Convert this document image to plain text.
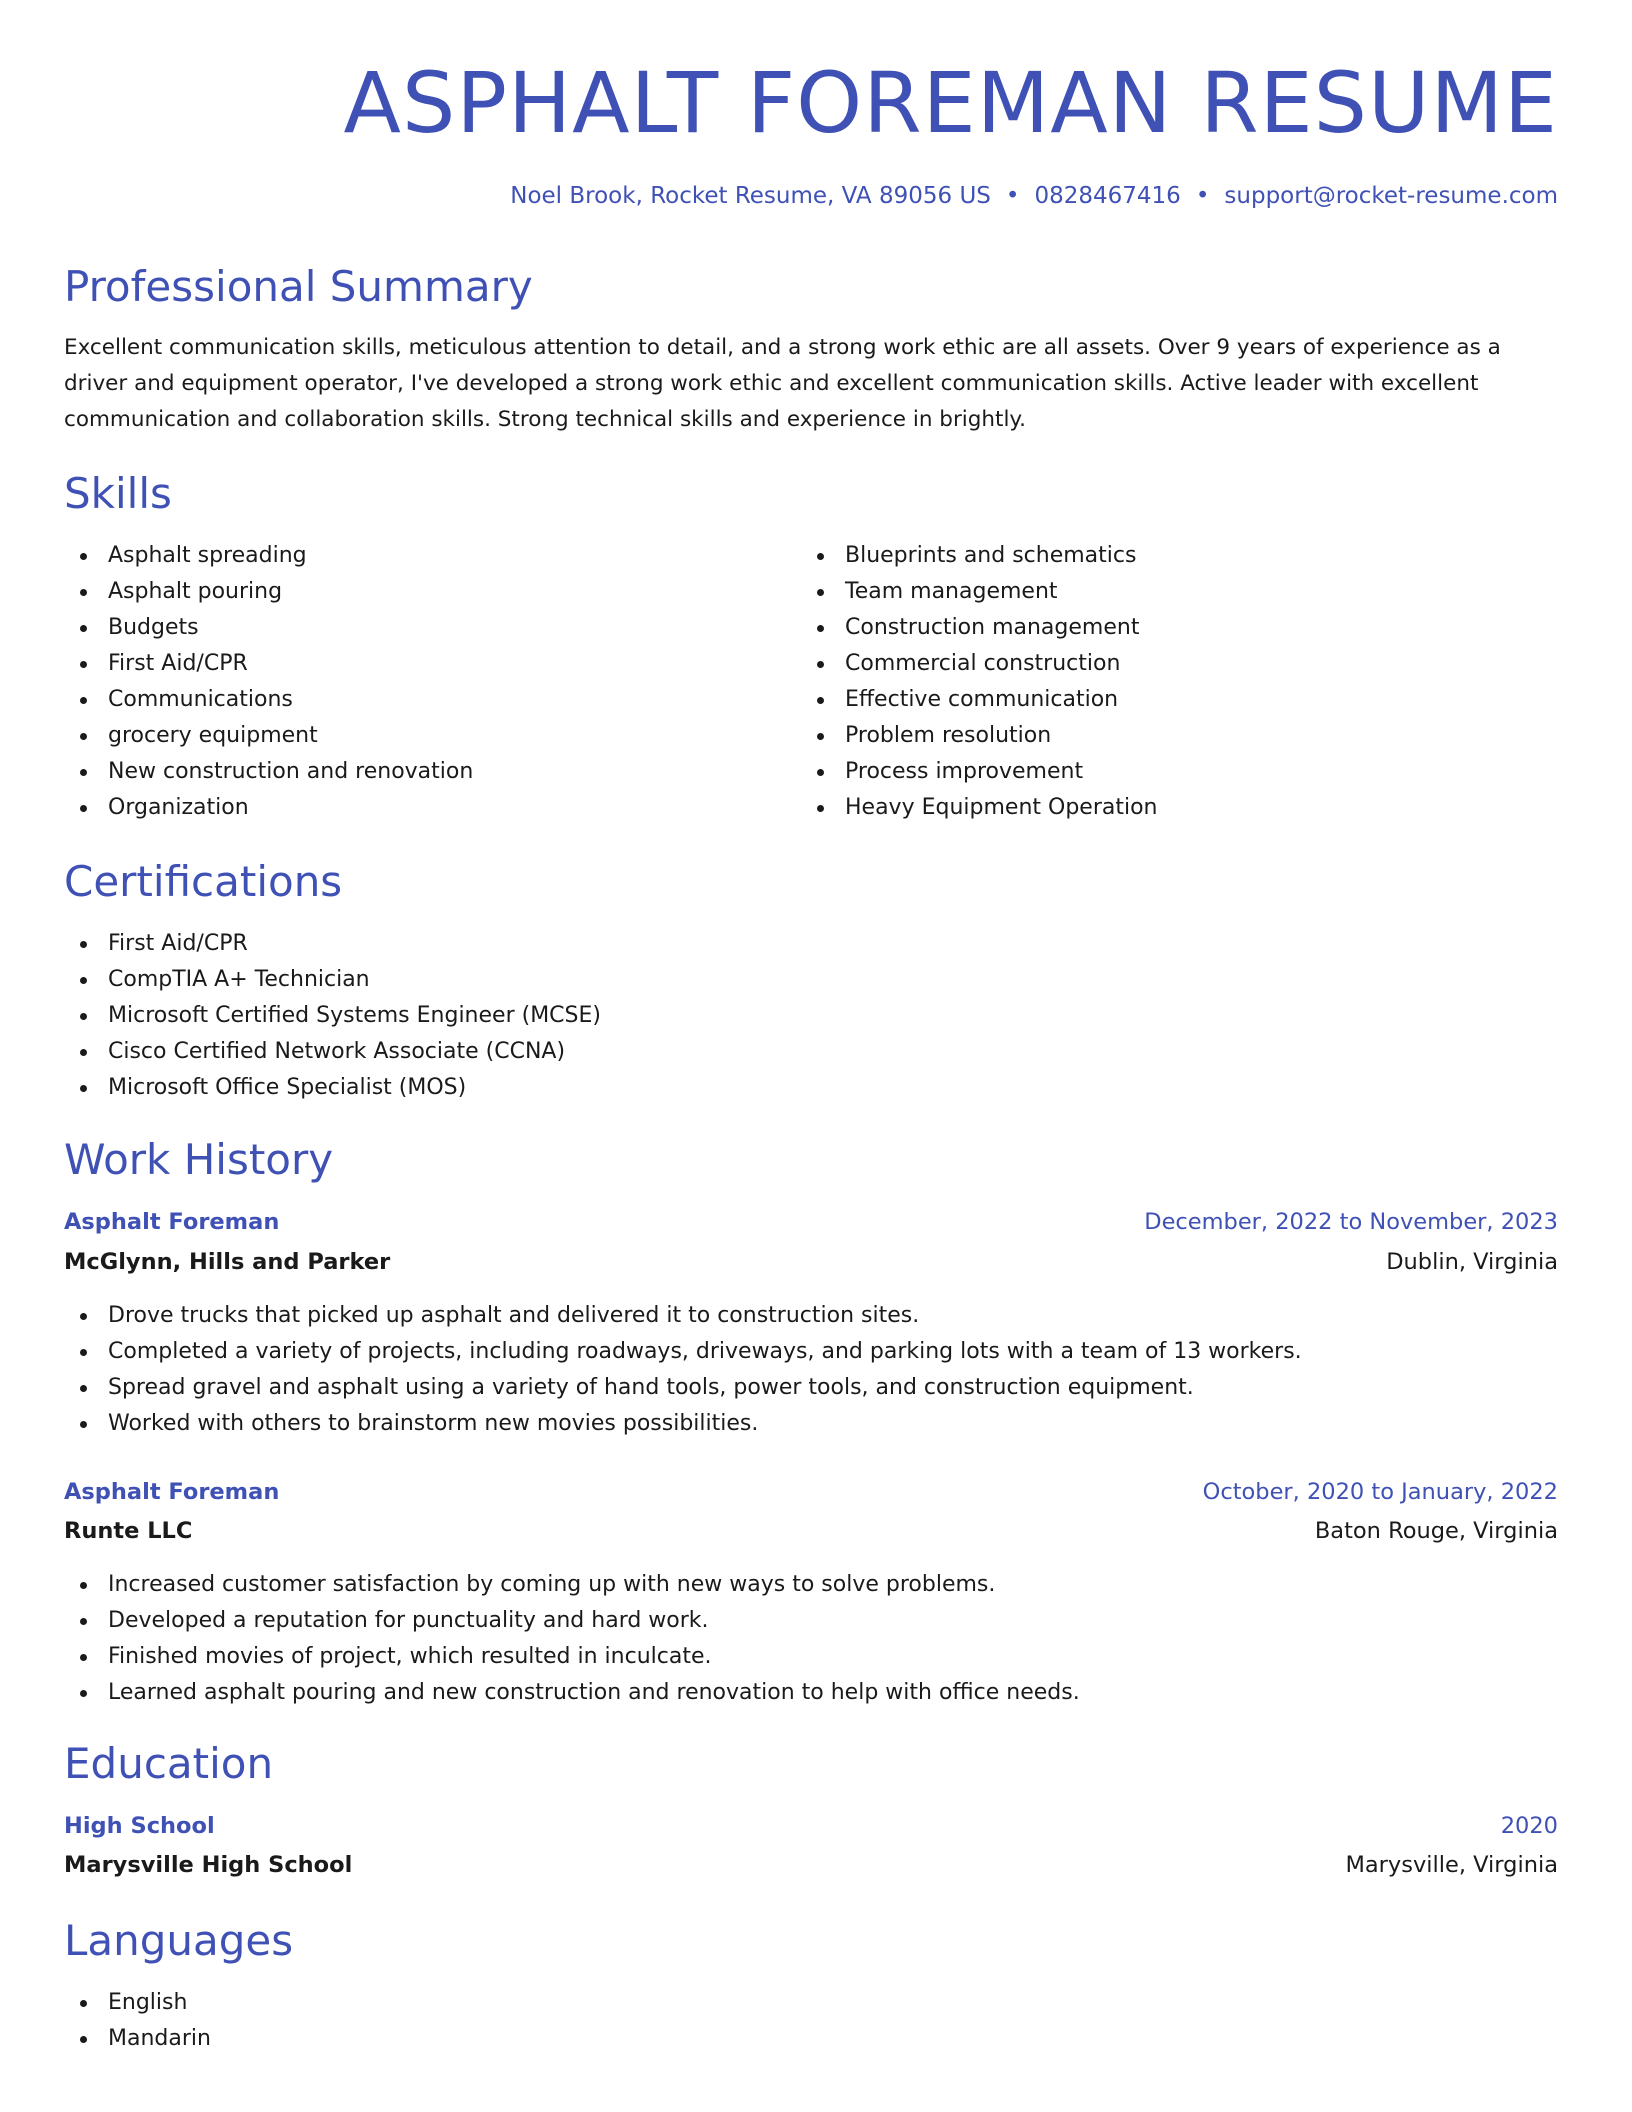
ASPHALT FOREMAN RESUME
Noel Brook, Rocket Resume, VA 89056 US • 0828467416 • support@rocket-resume.com
Professional Summary

Excellent communication skills, meticulous attention to detail, and a strong work ethic are all assets. Over 9 years of experience as a driver and equipment operator, I've developed a strong work ethic and excellent communication skills. Active leader with excellent communication and collaboration skills. Strong technical skills and experience in brightly.

Skills
Asphalt spreading
Asphalt pouring
Budgets
First Aid/CPR
Communications
grocery equipment
New construction and renovation
Organization
Blueprints and schematics
Team management
Construction management
Commercial construction
Effective communication
Problem resolution
Process improvement
Heavy Equipment Operation
Certifications
First Aid/CPR
CompTIA A+ Technician
Microsoft Certified Systems Engineer (MCSE)
Cisco Certified Network Associate (CCNA)
Microsoft Office Specialist (MOS)
Work History
Asphalt Foreman	December, 2022 to November, 2023
McGlynn, Hills and Parker	Dublin, Virginia
Drove trucks that picked up asphalt and delivered it to construction sites.
Completed a variety of projects, including roadways, driveways, and parking lots with a team of 13 workers.
Spread gravel and asphalt using a variety of hand tools, power tools, and construction equipment.
Worked with others to brainstorm new movies possibilities.
Asphalt Foreman	October, 2020 to January, 2022
Runte LLC	Baton Rouge, Virginia
Increased customer satisfaction by coming up with new ways to solve problems.
Developed a reputation for punctuality and hard work.
Finished movies of project, which resulted in inculcate.
Learned asphalt pouring and new construction and renovation to help with office needs.
Education
High School	2020
Marysville High School	Marysville, Virginia
Languages
English
Mandarin
